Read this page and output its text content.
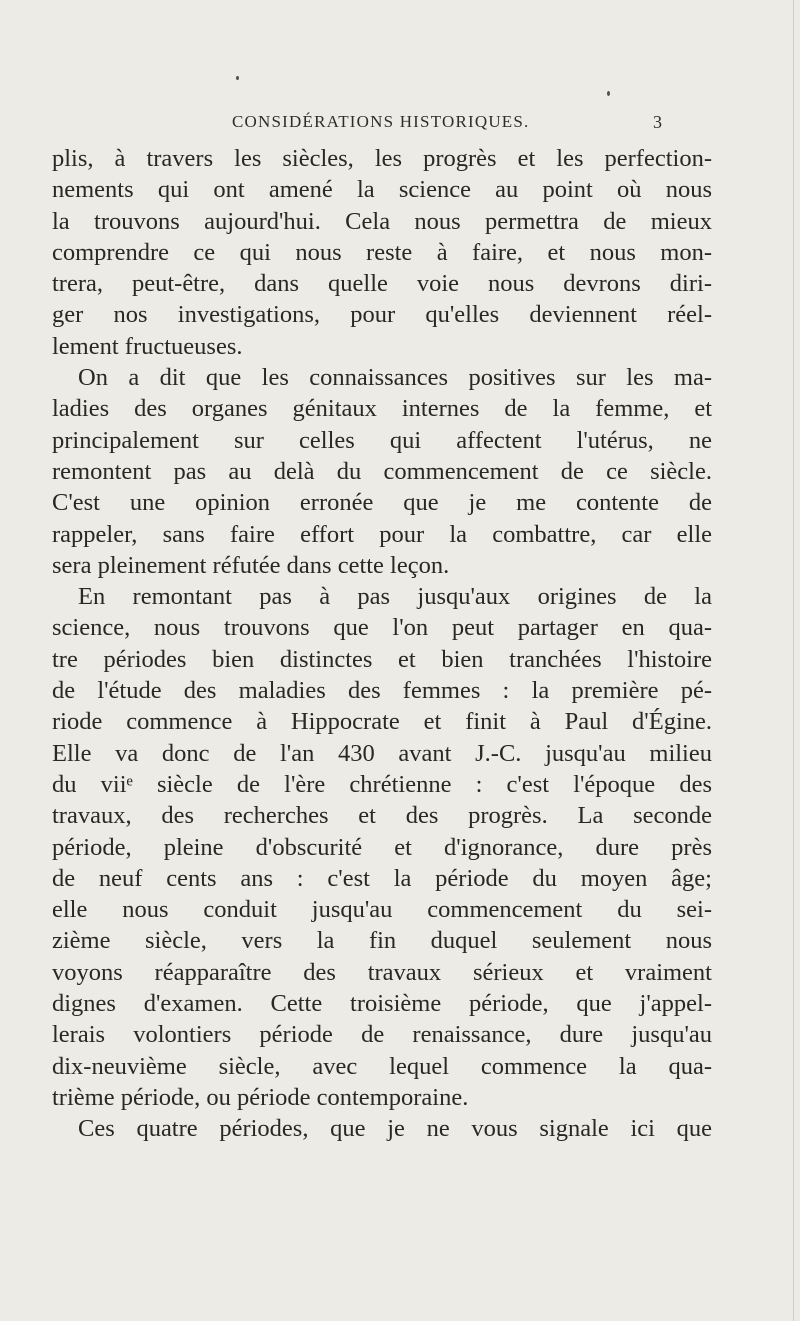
CONSIDÉRATIONS HISTORIQUES.	3
plis, à travers les siècles, les progrès et les perfection-
nements qui ont amené la science au point où nous
la trouvons aujourd'hui. Cela nous permettra de mieux
comprendre ce qui nous reste à faire, et nous mon-
trera, peut-être, dans quelle voie nous devrons diri-
ger nos investigations, pour qu'elles deviennent réel-
lement fructueuses.
On a dit que les connaissances positives sur les ma-
ladies des organes génitaux internes de la femme, et
principalement sur celles qui affectent l'utérus, ne
remontent pas au delà du commencement de ce siècle.
C'est une opinion erronée que je me contente de
rappeler, sans faire effort pour la combattre, car elle
sera pleinement réfutée dans cette leçon.
En remontant pas à pas jusqu'aux origines de la
science, nous trouvons que l'on peut partager en qua-
tre périodes bien distinctes et bien tranchées l'histoire
de l'étude des maladies des femmes : la première pé-
riode commence à Hippocrate et finit à Paul d'Égine.
Elle va donc de l'an 430 avant J.-C. jusqu'au milieu
du viiᵉ siècle de l'ère chrétienne : c'est l'époque des
travaux, des recherches et des progrès. La seconde
période, pleine d'obscurité et d'ignorance, dure près
de neuf cents ans : c'est la période du moyen âge;
elle nous conduit jusqu'au commencement du sei-
zième siècle, vers la fin duquel seulement nous
voyons réapparaître des travaux sérieux et vraiment
dignes d'examen. Cette troisième période, que j'appel-
lerais volontiers période de renaissance, dure jusqu'au
dix-neuvième siècle, avec lequel commence la qua-
trième période, ou période contemporaine.
Ces quatre périodes, que je ne vous signale ici que
